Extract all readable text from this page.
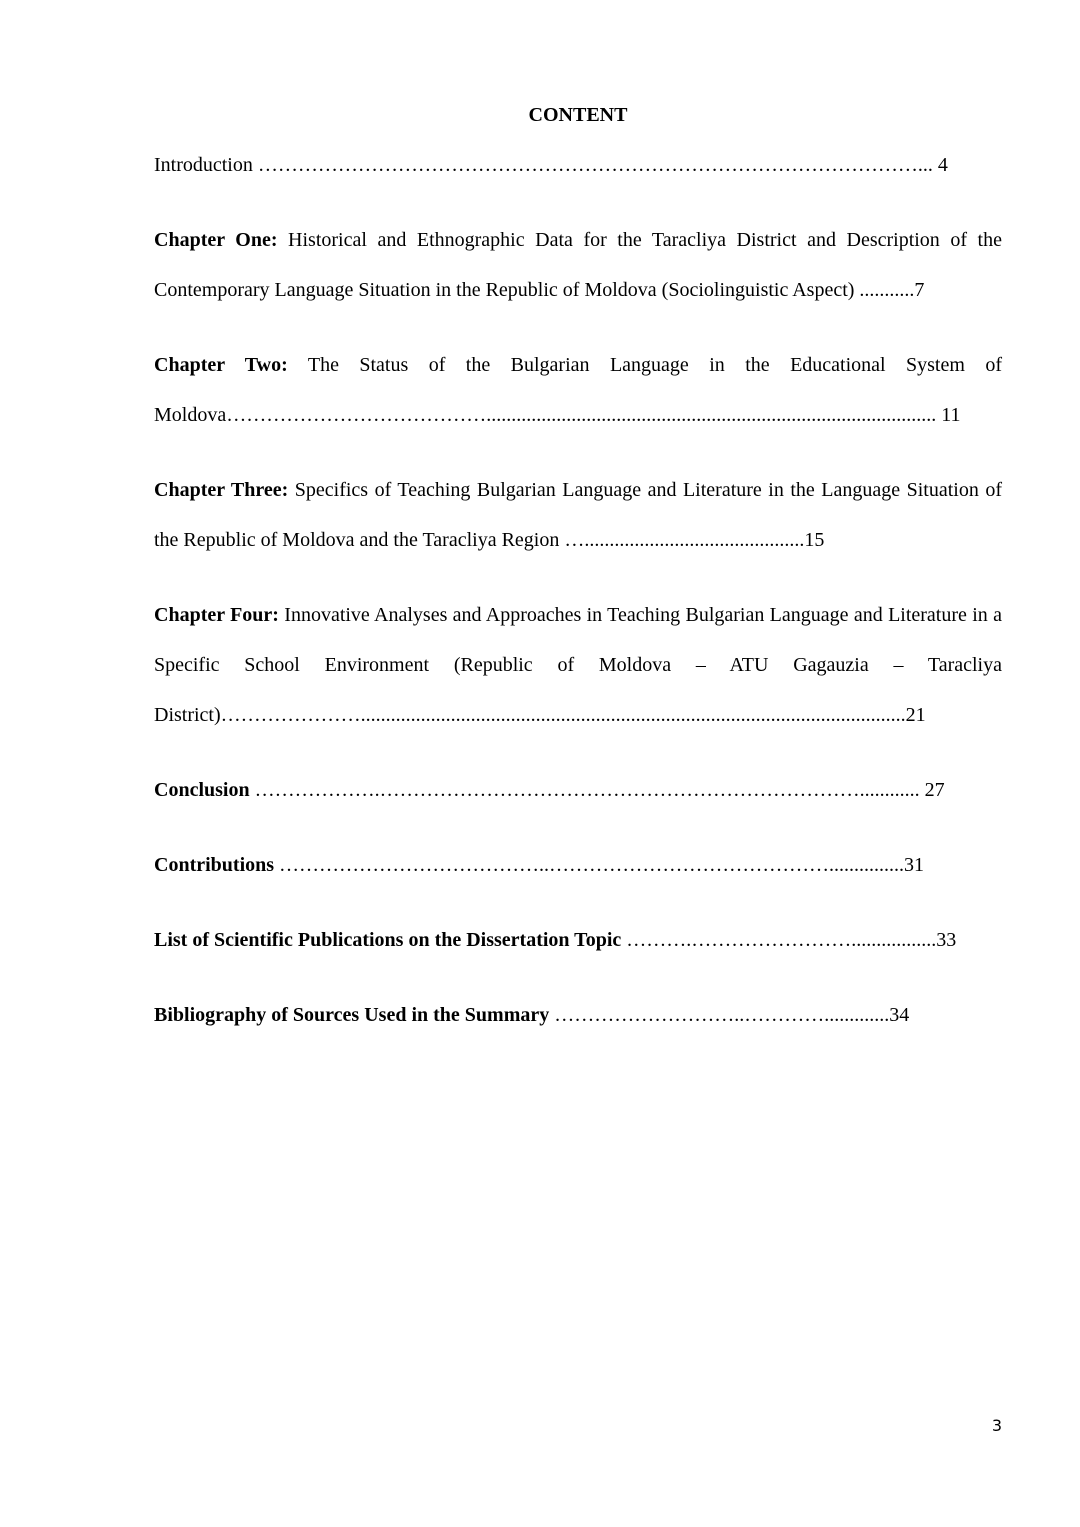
CONTENT
Introduction ………………………………………………………………………………………... 4
Chapter One: Historical and Ethnographic Data for the Taracliya District and Description of the Contemporary Language Situation in the Republic of Moldova (Sociolinguistic Aspect) ...........7
Chapter Two: The Status of the Bulgarian Language in the Educational System of Moldova………………………………….......................................................................................... 11
Chapter Three: Specifics of Teaching Bulgarian Language and Literature in the Language Situation of the Republic of Moldova and the Taracliya Region …............................................15
Chapter Four: Innovative Analyses and Approaches in Teaching Bulgarian Language and Literature in a Specific School Environment (Republic of Moldova – ATU Gagauzia – Taracliya District)………………….............................................................................................................21
Conclusion ……………….………………………………………………………………............ 27
Contributions …………………………………..……………………………………...............31
List of Scientific Publications on the Dissertation Topic ……….…………………….................33
Bibliography of Sources Used in the Summary ………………………..………….............34

3
